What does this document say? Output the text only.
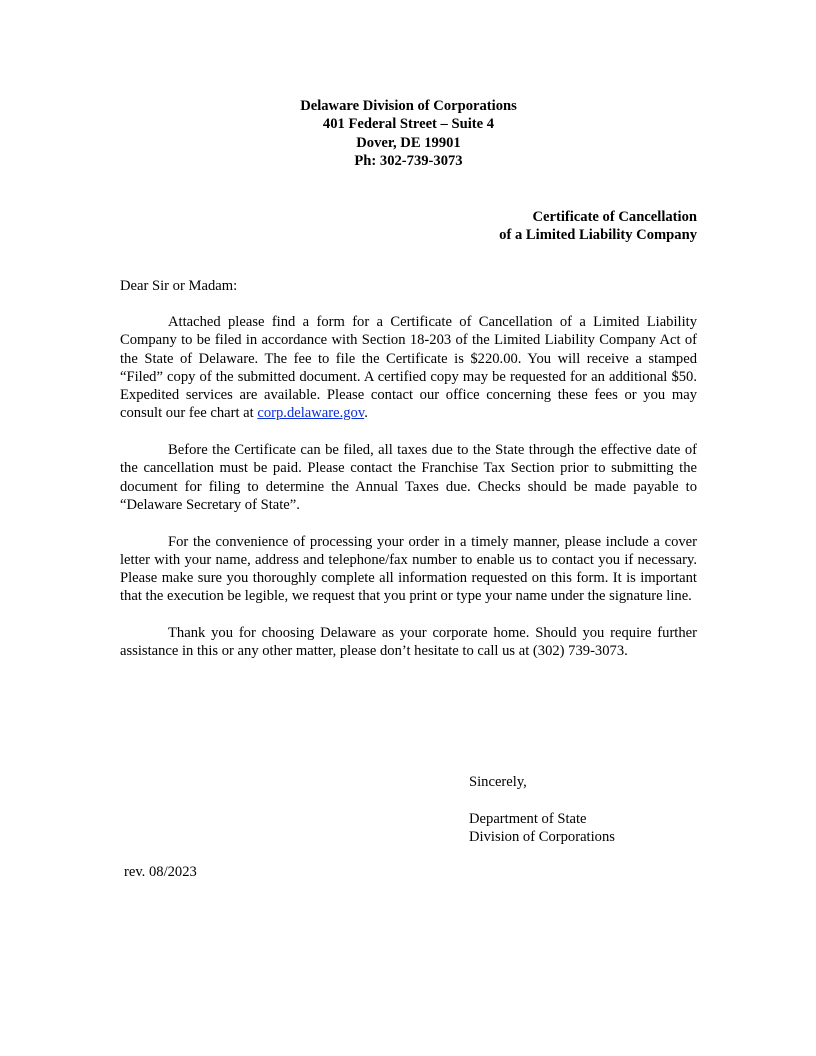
Delaware Division of Corporations
401 Federal Street – Suite 4
Dover, DE 19901
Ph: 302-739-3073
Certificate of Cancellation
of a Limited Liability Company
Dear Sir or Madam:

Attached please find a form for a Certificate of Cancellation of a Limited Liability Company to be filed in accordance with Section 18-203 of the Limited Liability Company Act of the State of Delaware. The fee to file the Certificate is $220.00. You will receive a stamped “Filed” copy of the submitted document. A certified copy may be requested for an additional $50. Expedited services are available. Please contact our office concerning these fees or you may consult our fee chart at corp.delaware.gov.

Before the Certificate can be filed, all taxes due to the State through the effective date of the cancellation must be paid. Please contact the Franchise Tax Section prior to submitting the document for filing to determine the Annual Taxes due. Checks should be made payable to “Delaware Secretary of State”.

For the convenience of processing your order in a timely manner, please include a cover letter with your name, address and telephone/fax number to enable us to contact you if necessary. Please make sure you thoroughly complete all information requested on this form. It is important that the execution be legible, we request that you print or type your name under the signature line.

Thank you for choosing Delaware as your corporate home. Should you require further assistance in this or any other matter, please don’t hesitate to call us at (302) 739-3073.

Sincerely,
Department of State
Division of Corporations
rev. 08/2023
